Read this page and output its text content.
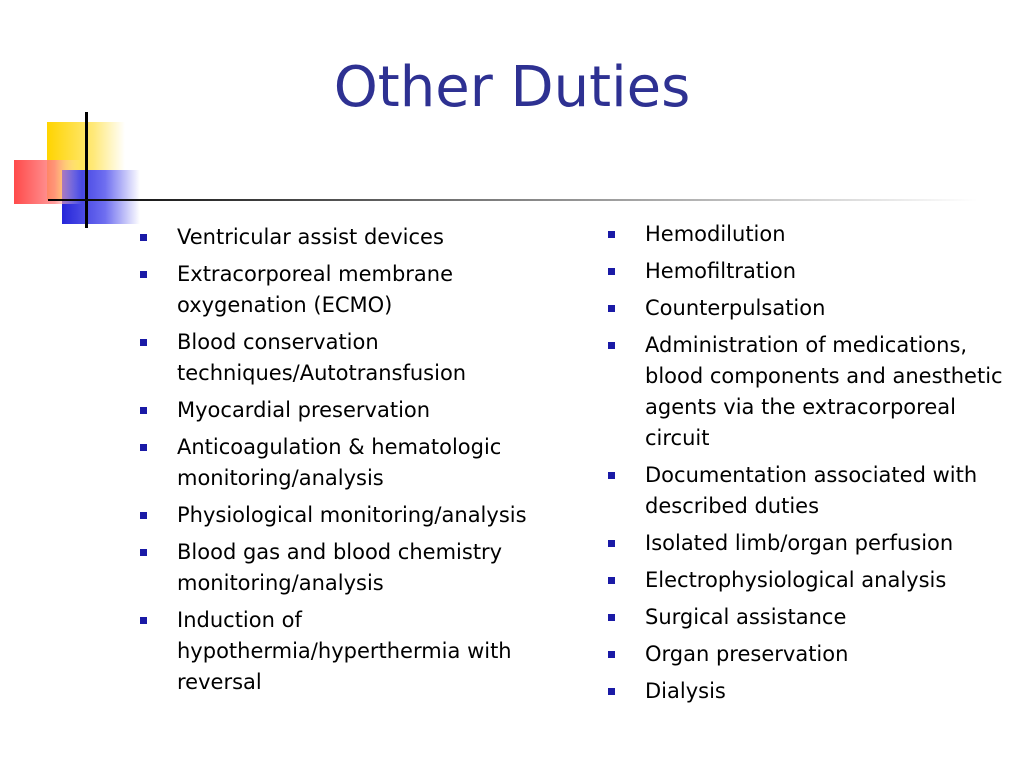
Other Duties
Ventricular assist devices
Extracorporeal membrane oxygenation (ECMO)
Blood conservation techniques/Autotransfusion
Myocardial preservation
Anticoagulation & hematologic monitoring/analysis
Physiological monitoring/analysis
Blood gas and blood chemistry monitoring/analysis
Induction of hypothermia/hyperthermia with reversal
Hemodilution
Hemofiltration
Counterpulsation
Administration of medications, blood components and anesthetic agents via the extracorporeal circuit
Documentation associated with described duties
Isolated limb/organ perfusion
Electrophysiological analysis
Surgical assistance
Organ preservation
Dialysis
